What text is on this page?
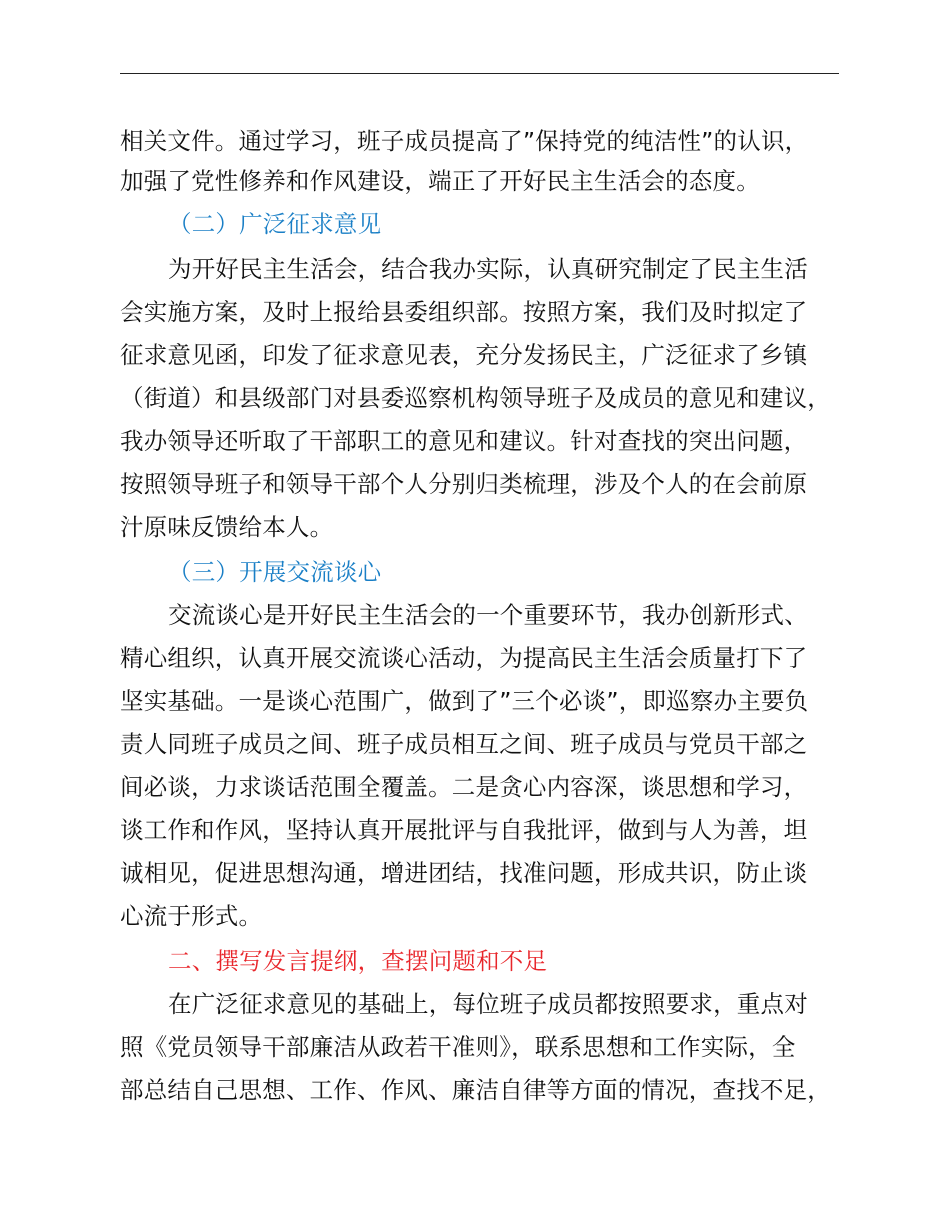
相关文件。通过学习，班子成员提高了”保持党的纯洁性”的认识，
加强了党性修养和作风建设，端正了开好民主生活会的态度。
（二）广泛征求意见
为开好民主生活会，结合我办实际，认真研究制定了民主生活
会实施方案，及时上报给县委组织部。按照方案，我们及时拟定了
征求意见函，印发了征求意见表，充分发扬民主，广泛征求了乡镇
（街道）和县级部门对县委巡察机构领导班子及成员的意见和建议，
我办领导还听取了干部职工的意见和建议。针对查找的突出问题，
按照领导班子和领导干部个人分别归类梳理，涉及个人的在会前原
汁原味反馈给本人。
（三）开展交流谈心
交流谈心是开好民主生活会的一个重要环节，我办创新形式、
精心组织，认真开展交流谈心活动，为提高民主生活会质量打下了
坚实基础。一是谈心范围广，做到了”三个必谈”，即巡察办主要负
责人同班子成员之间、班子成员相互之间、班子成员与党员干部之
间必谈，力求谈话范围全覆盖。二是贪心内容深，谈思想和学习，
谈工作和作风，坚持认真开展批评与自我批评，做到与人为善，坦
诚相见，促进思想沟通，增进团结，找准问题，形成共识，防止谈
心流于形式。
二、撰写发言提纲，查摆问题和不足
在广泛征求意见的基础上，每位班子成员都按照要求，重点对
照《党员领导干部廉洁从政若干准则》，联系思想和工作实际，全
部总结自己思想、工作、作风、廉洁自律等方面的情况，查找不足，
